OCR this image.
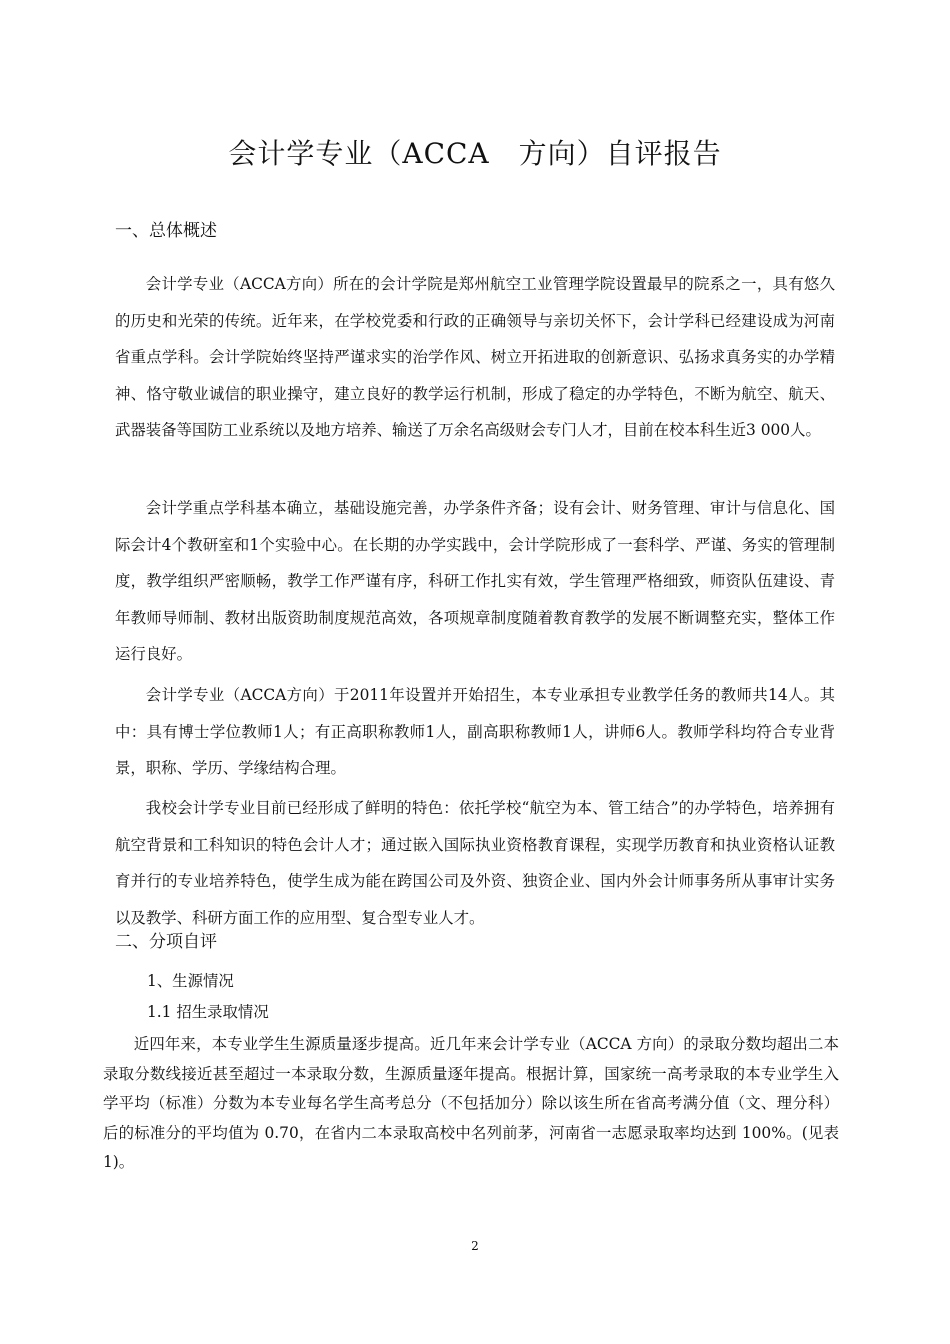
会计学专业（ACCA　方向）自评报告
一、总体概述

会计学专业（ACCA方向）所在的会计学院是郑州航空工业管理学院设置最早的院系之一，具有悠久的历史和光荣的传统。近年来，在学校党委和行政的正确领导与亲切关怀下，会计学科已经建设成为河南省重点学科。会计学院始终坚持严谨求实的治学作风、树立开拓进取的创新意识、弘扬求真务实的办学精神、恪守敬业诚信的职业操守，建立良好的教学运行机制，形成了稳定的办学特色，不断为航空、航天、武器装备等国防工业系统以及地方培养、输送了万余名高级财会专门人才，目前在校本科生近3 000人。

会计学重点学科基本确立，基础设施完善，办学条件齐备；设有会计、财务管理、审计与信息化、国际会计4个教研室和1个实验中心。在长期的办学实践中，会计学院形成了一套科学、严谨、务实的管理制度，教学组织严密顺畅，教学工作严谨有序，科研工作扎实有效，学生管理严格细致，师资队伍建设、青年教师导师制、教材出版资助制度规范高效，各项规章制度随着教育教学的发展不断调整充实，整体工作运行良好。

会计学专业（ACCA方向）于2011年设置并开始招生，本专业承担专业教学任务的教师共14人。其中：具有博士学位教师1人；有正高职称教师1人，副高职称教师1人，讲师6人。教师学科均符合专业背景，职称、学历、学缘结构合理。

我校会计学专业目前已经形成了鲜明的特色：依托学校“航空为本、管工结合”的办学特色，培养拥有航空背景和工科知识的特色会计人才；通过嵌入国际执业资格教育课程，实现学历教育和执业资格认证教育并行的专业培养特色，使学生成为能在跨国公司及外资、独资企业、国内外会计师事务所从事审计实务以及教学、科研方面工作的应用型、复合型专业人才。

二、分项自评
1、生源情况
1.1 招生录取情况

近四年来，本专业学生生源质量逐步提高。近几年来会计学专业（ACCA 方向）的录取分数均超出二本录取分数线接近甚至超过一本录取分数，生源质量逐年提高。根据计算，国家统一高考录取的本专业学生入学平均（标准）分数为本专业每名学生高考总分（不包括加分）除以该生所在省高考满分值（文、理分科）后的标准分的平均值为 0.70，在省内二本录取高校中名列前茅，河南省一志愿录取率均达到 100%。(见表 1)。

2
